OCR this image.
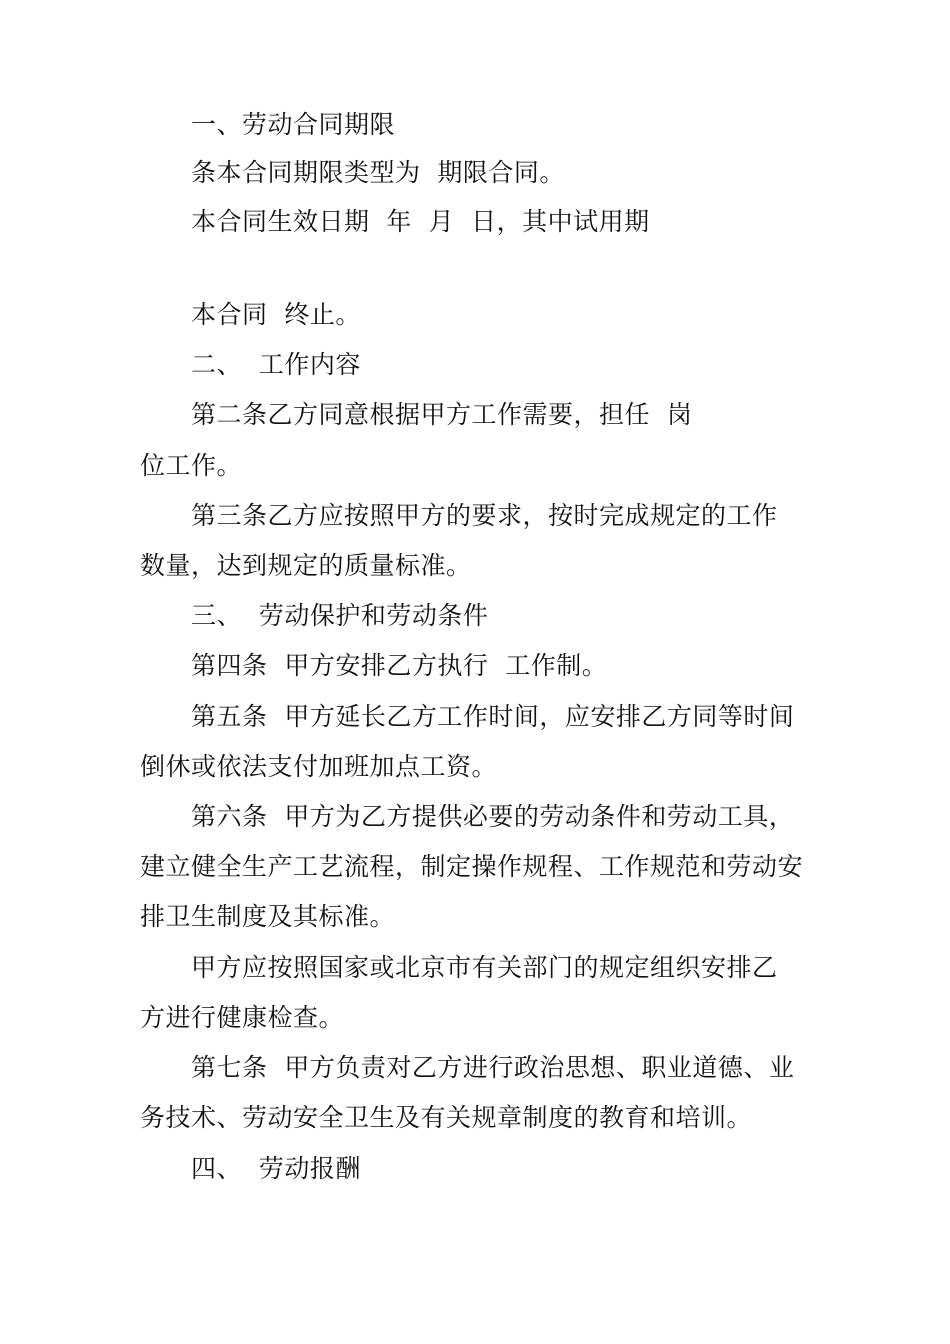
一、劳动合同期限
条本合同期限类型为  期限合同。
本合同生效日期  年  月  日，其中试用期
本合同  终止。
二、  工作内容
第二条乙方同意根据甲方工作需要，担任  岗
位工作。
第三条乙方应按照甲方的要求，按时完成规定的工作
数量，达到规定的质量标准。
三、  劳动保护和劳动条件
第四条  甲方安排乙方执行  工作制。
第五条  甲方延长乙方工作时间，应安排乙方同等时间
倒休或依法支付加班加点工资。
第六条  甲方为乙方提供必要的劳动条件和劳动工具，
建立健全生产工艺流程，制定操作规程、工作规范和劳动安
排卫生制度及其标准。
甲方应按照国家或北京市有关部门的规定组织安排乙
方进行健康检查。
第七条  甲方负责对乙方进行政治思想、职业道德、业
务技术、劳动安全卫生及有关规章制度的教育和培训。
四、  劳动报酬
